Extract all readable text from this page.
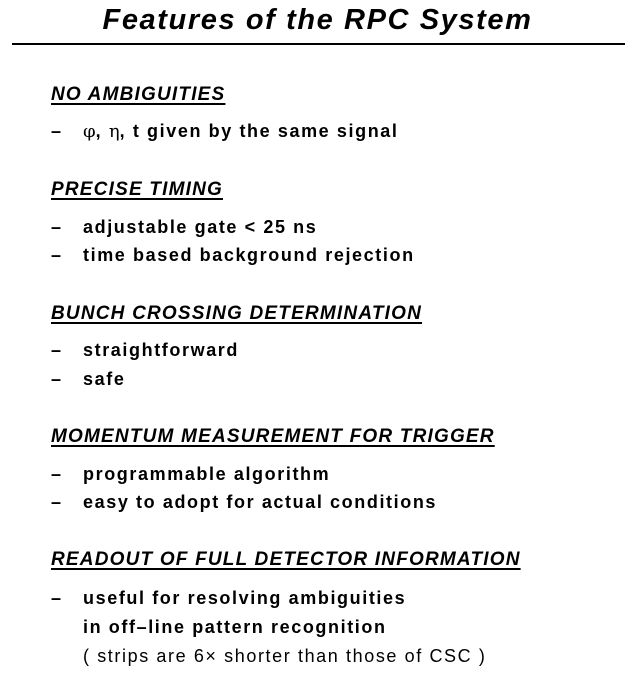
Features of the RPC System
NO AMBIGUITIES
– φ, η, t given by the same signal
PRECISE TIMING
– adjustable gate < 25 ns
– time based background rejection
BUNCH CROSSING DETERMINATION
– straightforward
– safe
MOMENTUM MEASUREMENT FOR TRIGGER
– programmable algorithm
– easy to adopt for actual conditions
READOUT OF FULL DETECTOR INFORMATION
– useful for resolving ambiguities
in off–line pattern recognition
( strips are 6× shorter than those of CSC )
